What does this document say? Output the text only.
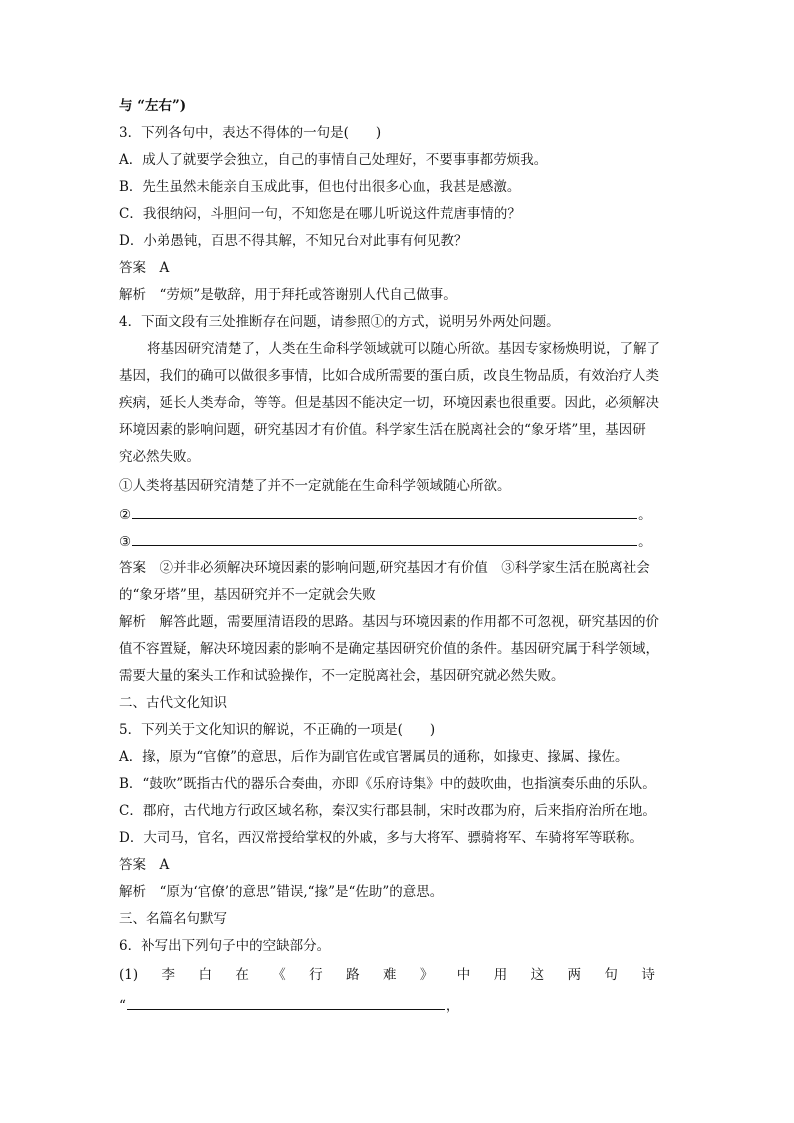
与 “左右”)
3．下列各句中，表达不得体的一句是(　　)
A．成人了就要学会独立，自己的事情自己处理好，不要事事都劳烦我。
B．先生虽然未能亲自玉成此事，但也付出很多心血，我甚是感激。
C．我很纳闷，斗胆问一句，不知您是在哪儿听说这件荒唐事情的？
D．小弟愚钝，百思不得其解，不知兄台对此事有何见教？
答案　A
解析　“劳烦”是敬辞，用于拜托或答谢别人代自己做事。
4．下面文段有三处推断存在问题，请参照①的方式，说明另外两处问题。
将基因研究清楚了，人类在生命科学领域就可以随心所欲。基因专家杨焕明说，了解了
基因，我们的确可以做很多事情，比如合成所需要的蛋白质，改良生物品质，有效治疗人类
疾病，延长人类寿命，等等。但是基因不能决定一切，环境因素也很重要。因此，必须解决
环境因素的影响问题，研究基因才有价值。科学家生活在脱离社会的“象牙塔”里，基因研
究必然失败。
①人类将基因研究清楚了并不一定就能在生命科学领域随心所欲。
②	。
③	。
答案　②并非必须解决环境因素的影响问题,研究基因才有价值　③科学家生活在脱离社会
的“象牙塔”里，基因研究并不一定就会失败
解析　解答此题，需要厘清语段的思路。基因与环境因素的作用都不可忽视，研究基因的价
值不容置疑，解决环境因素的影响不是确定基因研究价值的条件。基因研究属于科学领域，
需要大量的案头工作和试验操作，不一定脱离社会，基因研究就必然失败。
二、古代文化知识
5．下列关于文化知识的解说，不正确的一项是(　　)
A．掾，原为“官僚”的意思，后作为副官佐或官署属员的通称，如掾吏、掾属、掾佐。
B．“鼓吹”既指古代的器乐合奏曲，亦即《乐府诗集》中的鼓吹曲，也指演奏乐曲的乐队。
C．郡府，古代地方行政区域名称，秦汉实行郡县制，宋时改郡为府，后来指府治所在地。
D．大司马，官名，西汉常授给掌权的外戚，多与大将军、骠骑将军、车骑将军等联称。
答案　A
解析　“原为‘官僚’的意思”错误,“掾”是“佐助”的意思。
三、名篇名句默写
6．补写出下列句子中的空缺部分。
(1) 李 白 在 《 行 路 难 》 中 用 这 两 句 诗
“	，
